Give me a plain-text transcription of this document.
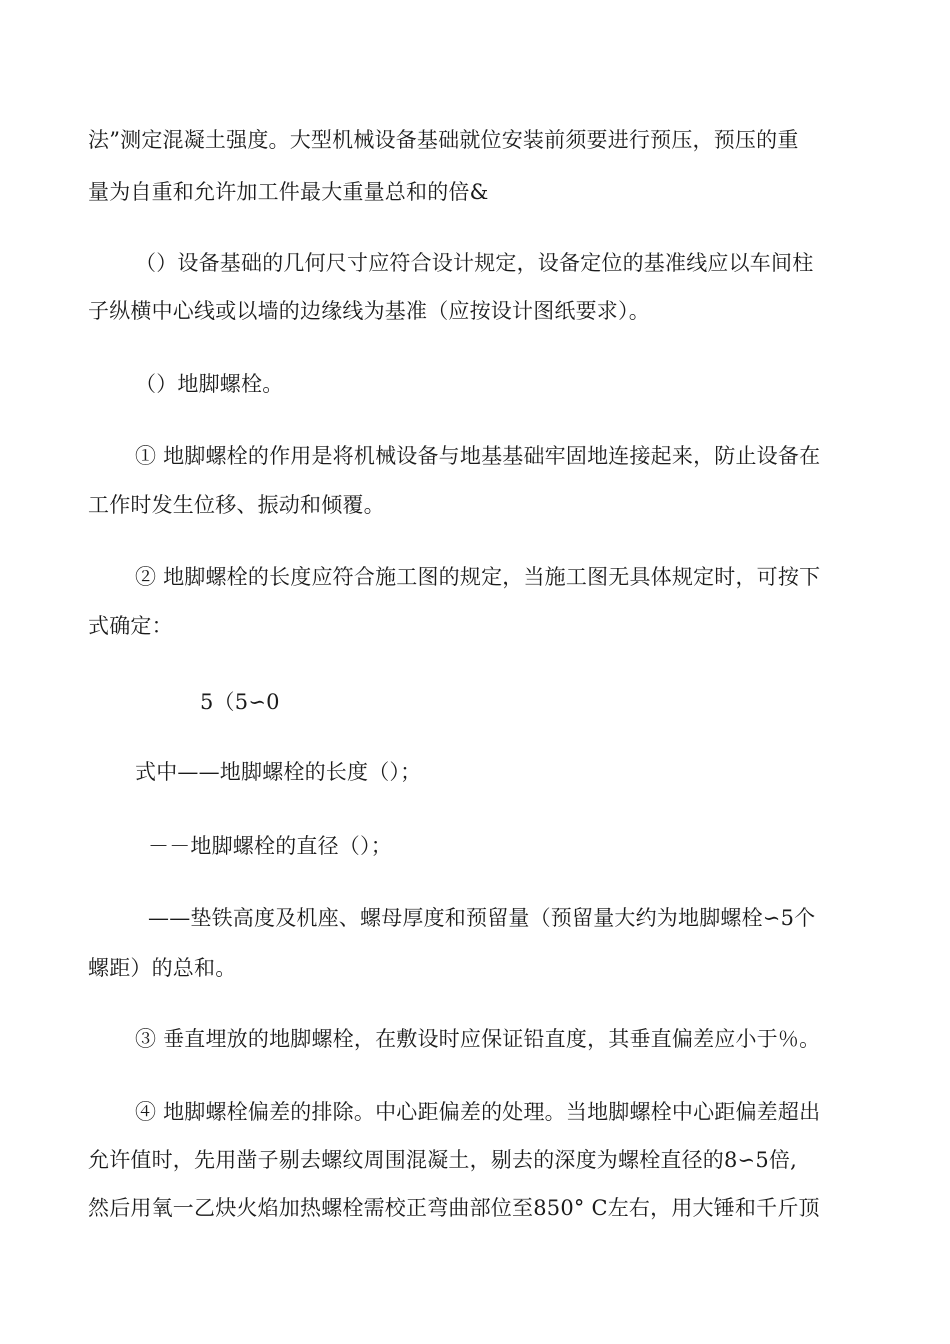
法”测定混凝土强度。大型机械设备基础就位安装前须要进行预压，预压的重
量为自重和允许加工件最大重量总和的倍&
（）设备基础的几何尺寸应符合设计规定，设备定位的基准线应以车间柱
子纵横中心线或以墙的边缘线为基准（应按设计图纸要求）。
（）地脚螺栓。
① 地脚螺栓的作用是将机械设备与地基基础牢固地连接起来，防止设备在
工作时发生位移、振动和倾覆。
② 地脚螺栓的长度应符合施工图的规定，当施工图无具体规定时，可按下
式确定：
5（5∽0
式中——地脚螺栓的长度（）；
－－地脚螺栓的直径（）；
——垫铁高度及机座、螺母厚度和预留量（预留量大约为地脚螺栓∽5个
螺距）的总和。
③ 垂直埋放的地脚螺栓，在敷设时应保证铅直度，其垂直偏差应小于％。
④ 地脚螺栓偏差的排除。中心距偏差的处理。当地脚螺栓中心距偏差超出
允许值时，先用凿子剔去螺纹周围混凝土，剔去的深度为螺栓直径的8∽5倍,
然后用氧一乙炔火焰加热螺栓需校正弯曲部位至850° C左右，用大锤和千斤顶
